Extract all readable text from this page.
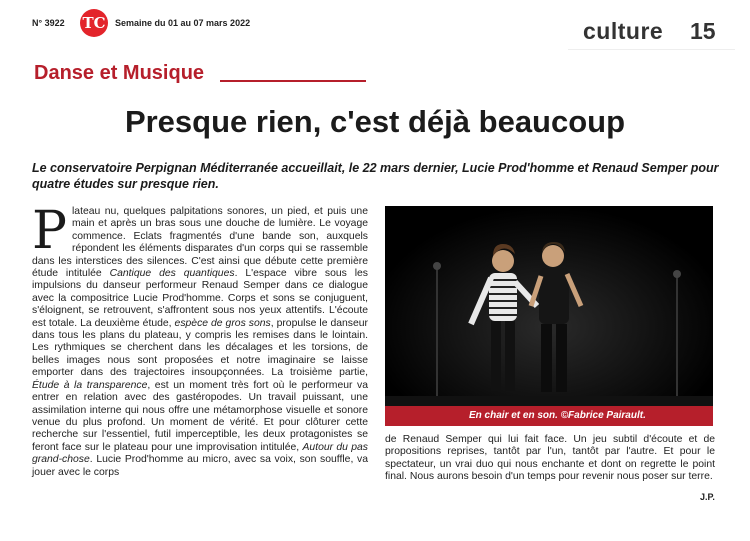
N° 3922 TC Semaine du 01 au 07 mars 2022	culture 15
Danse et Musique
Presque rien, c'est déjà beaucoup
Le conservatoire Perpignan Méditerranée accueillait, le 22 mars dernier, Lucie Prod'homme et Renaud Semper pour quatre études sur presque rien.
P lateau nu, quelques palpitations sonores, un pied, et puis une main et après un bras sous une douche de lumière. Le voyage commence. Eclats fragmentés d'une bande son, auxquels répondent les éléments disparates d'un corps qui se rassemble dans les interstices des silences. C'est ainsi que débute cette première étude intitulée Cantique des quantiques. L'espace vibre sous les impulsions du danseur performeur Renaud Semper dans ce dialogue avec la compositrice Lucie Prod'homme. Corps et sons se conjuguent, s'éloignent, se retrouvent, s'affrontent sous nos yeux attentifs. L'écoute est totale. La deuxième étude, espèce de gros sons, propulse le danseur dans tous les plans du plateau, y compris les remises dans le lointain. Les rythmiques se cherchent dans les décalages et les torsions, de belles images nous sont proposées et notre imaginaire se laisse emporter dans des trajectoires insoupçonnées. La troisième partie, Étude à la transparence, est un moment très fort où le performeur va entrer en relation avec des gastéropodes. Un travail puissant, une assimilation interne qui nous offre une métamorphose visuelle et sonore venue du plus profond. Un moment de vérité. Et pour clôturer cette recherche sur l'essentiel, futil imperceptible, les deux protagonistes se feront face sur le plateau pour une improvisation intitulée, Autour du pas grand-chose. Lucie Prod'homme au micro, avec sa voix, son souffle, va jouer avec le corps

En chair et en son. ©Fabrice Pairault.

de Renaud Semper qui lui fait face. Un jeu subtil d'écoute et de propositions reprises, tantôt par l'un, tantôt par l'autre. Et pour le spectateur, un vrai duo qui nous enchante et dont on regrette le point final. Nous aurons besoin d'un temps pour revenir nous poser sur terre.

J.P.
